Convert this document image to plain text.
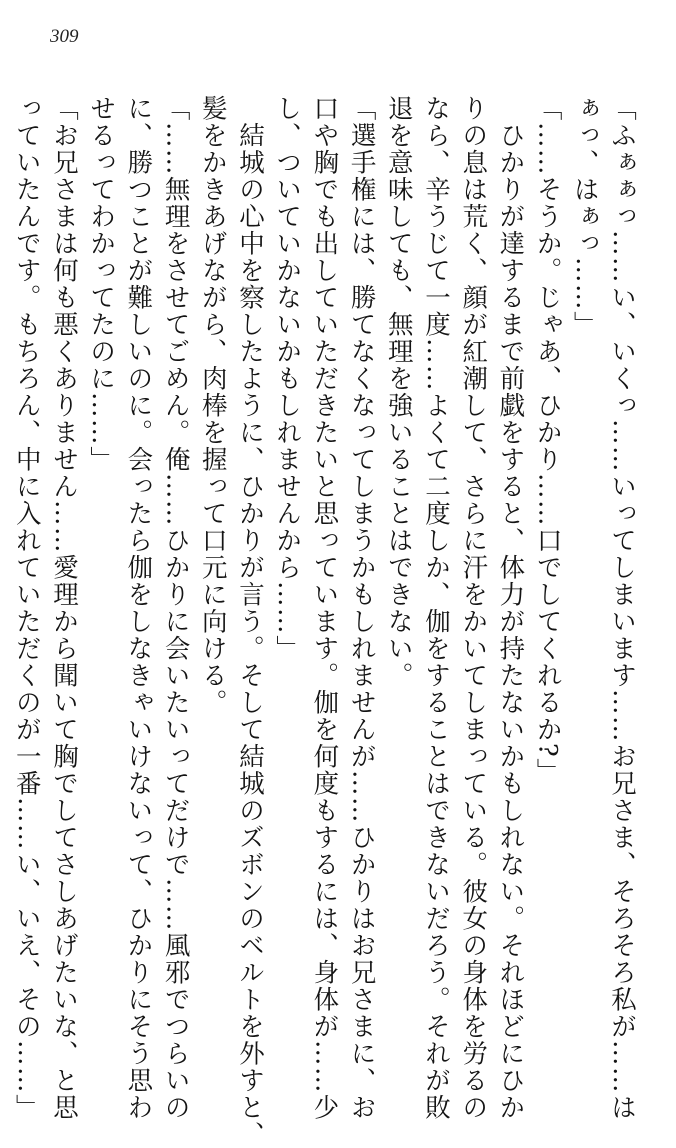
309

「ふぁぁっ……い、いくっ……いってしまいます……お兄さま、そろそろ私が……は

ぁっ、はぁっ……」

「……そうか。じゃあ、ひかり……口でしてくれるか?」

　ひかりが達するまで前戯をすると、体力が持たないかもしれない。それほどにひか

りの息は荒く、顔が紅潮して、さらに汗をかいてしまっている。彼女の身体を労るの

なら、辛うじて一度……よくて二度しか、伽をすることはできないだろう。それが敗

退を意味しても、無理を強いることはできない。

「選手権には、勝てなくなってしまうかもしれませんが……ひかりはお兄さまに、お

口や胸でも出していただきたいと思っています。伽を何度もするには、身体が……少

し、ついていかないかもしれませんから……」

　結城の心中を察したように、ひかりが言う。そして結城のズボンのベルトを外すと、

髪をかきあげながら、肉棒を握って口元に向ける。

「……無理をさせてごめん。俺……ひかりに会いたいってだけで……風邪でつらいの

に、勝つことが難しいのに。会ったら伽をしなきゃいけないって、ひかりにそう思わ

せるってわかってたのに……」

「お兄さまは何も悪くありません……愛理から聞いて胸でしてさしあげたいな、と思

っていたんです。もちろん、中に入れていただくのが一番……い、いえ、その……」
